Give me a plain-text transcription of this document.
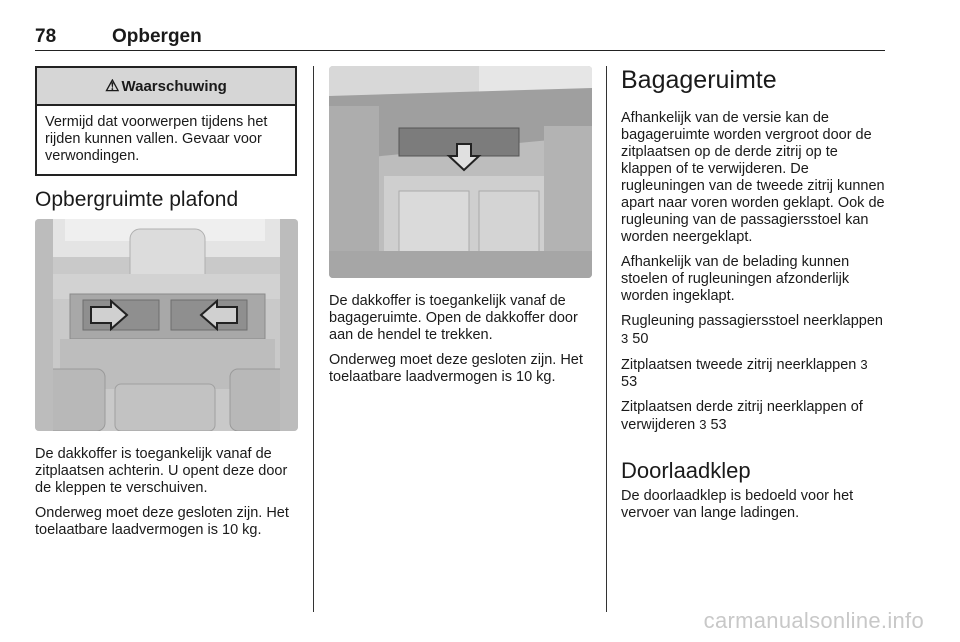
78	Opbergen
⚠ Waarschuwing
Vermijd dat voorwerpen tijdens het rijden kunnen vallen. Gevaar voor verwondingen.
Opbergruimte plafond

De dakkoffer is toegankelijk vanaf de zitplaatsen achterin. U opent deze door de kleppen te verschuiven.

Onderweg moet deze gesloten zijn. Het toelaatbare laadvermogen is 10 kg.

De dakkoffer is toegankelijk vanaf de bagageruimte. Open de dakkoffer door aan de hendel te trekken.

Onderweg moet deze gesloten zijn. Het toelaatbare laadvermogen is 10 kg.

Bagageruimte

Afhankelijk van de versie kan de bagageruimte worden vergroot door de zitplaatsen op de derde zitrij op te klappen of te verwijderen. De rugleuningen van de tweede zitrij kunnen apart naar voren worden geklapt. Ook de rugleuning van de passagiersstoel kan worden neergeklapt.

Afhankelijk van de belading kunnen stoelen of rugleuningen afzonderlijk worden ingeklapt.

Rugleuning passagiersstoel neerklappen 3 50

Zitplaatsen tweede zitrij neerklappen 3 53

Zitplaatsen derde zitrij neerklappen of verwijderen 3 53

Doorlaadklep

De doorlaadklep is bedoeld voor het vervoer van lange ladingen.

carmanualsonline.info
